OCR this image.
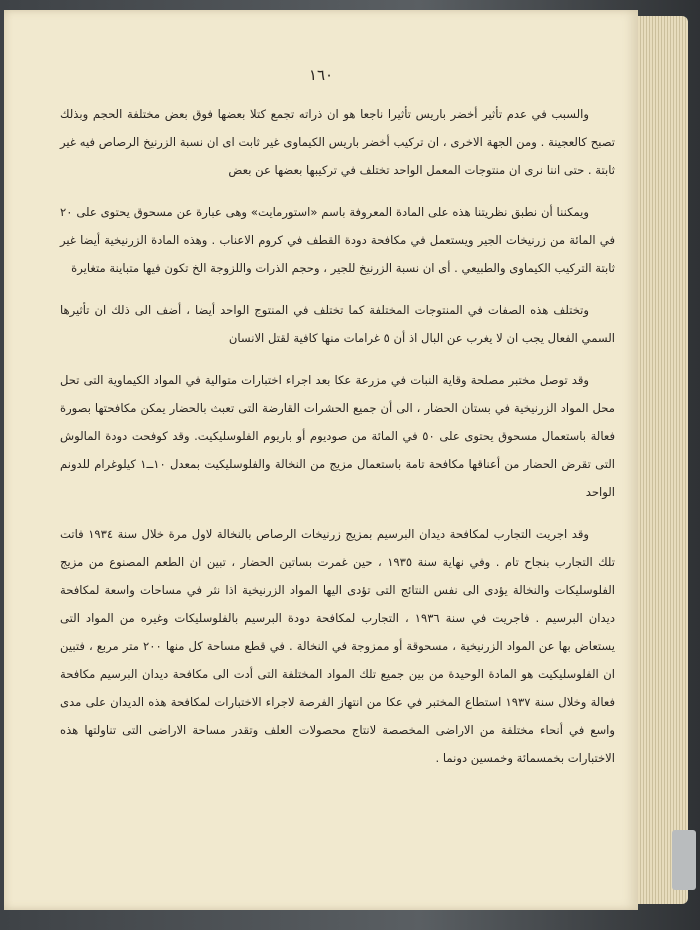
١٦٠

والسبب في عدم تأثير أخضر باريس تأثيرا ناجعا هو ان ذراته تجمع كتلا بعضها فوق بعض مختلفة الحجم وبذلك تصبح كالعجينة . ومن الجهة الاخرى ، ان تركيب أخضر باريس الكيماوى غير ثابت اى ان نسبة الزرنيخ الرصاص فيه غير ثابتة . حتى اننا نرى ان منتوجات المعمل الواحد تختلف في تركيبها بعضها عن بعض

ويمكننا أن نطبق نظريتنا هذه على المادة المعروفة باسم «استورمايت» وهى عبارة عن مسحوق يحتوى على ٢٠ في المائة من زرنيخات الجير ويستعمل في مكافحة دودة القطف في كروم الاعناب . وهذه المادة الزرنيخية أيضا غير ثابتة التركيب الكيماوى والطبيعي . أى ان نسبة الزرنيخ للجير ، وحجم الذرات واللزوجة الخ تكون فيها متباينة متغايرة

وتختلف هذه الصفات في المنتوجات المختلفة كما تختلف في المنتوج الواحد أيضا ، أضف الى ذلك ان تأثيرها السمي الفعال يجب ان لا يغرب عن البال اذ أن ٥ غرامات منها كافية لقتل الانسان

وقد توصل مختبر مصلحة وقاية النبات في مزرعة عكا بعد اجراء اختبارات متوالية في المواد الكيماوية التى تحل محل المواد الزرنيخية في بستان الحضار ، الى أن جميع الحشرات القارضة التى تعبث بالحضار يمكن مكافحتها بصورة فعالة باستعمال مسحوق يحتوى على ٥٠ في المائة من صوديوم أو باريوم الفلوسليكيت. وقد كوفحت دودة المالوش التى تقرض الحضار من أعناقها مكافحة تامة باستعمال مزيج من النخالة والفلوسليكيت بمعدل ١٠ــ١ كيلوغرام للدونم الواحد

وقد اجريت التجارب لمكافحة ديدان البرسيم بمزيج زرنيخات الرصاص بالنخالة لاول مرة خلال سنة ١٩٣٤ فاتت تلك التجارب بنجاح تام . وفي نهاية سنة ١٩٣٥ ، حين غمرت بساتين الحضار ، تبين ان الطعم المصنوع من مزيج الفلوسليكات والنخالة يؤدى الى نفس النتائج التى تؤدى اليها المواد الزرنيخية اذا نثر في مساحات واسعة لمكافحة ديدان البرسيم . فاجريت في سنة ١٩٣٦ ، التجارب لمكافحة دودة البرسيم بالفلوسليكات وغيره من المواد التى يستعاض بها عن المواد الزرنيخية ، مسحوقة أو ممزوجة في النخالة . في قطع مساحة كل منها ٢٠٠ متر مربع ، فتبين ان الفلوسليكيت هو المادة الوحيدة من بين جميع تلك المواد المختلفة التى أدت الى مكافحة ديدان البرسيم مكافحة فعالة وخلال سنة ١٩٣٧ استطاع المختبر في عكا من انتهاز الفرصة لاجراء الاختبارات لمكافحة هذه الديدان على مدى واسع في أنحاء مختلفة من الاراضى المخصصة لانتاج محصولات العلف وتقدر مساحة الاراضى التى تناولتها هذه الاختبارات بخمسمائة وخمسين دونما .
